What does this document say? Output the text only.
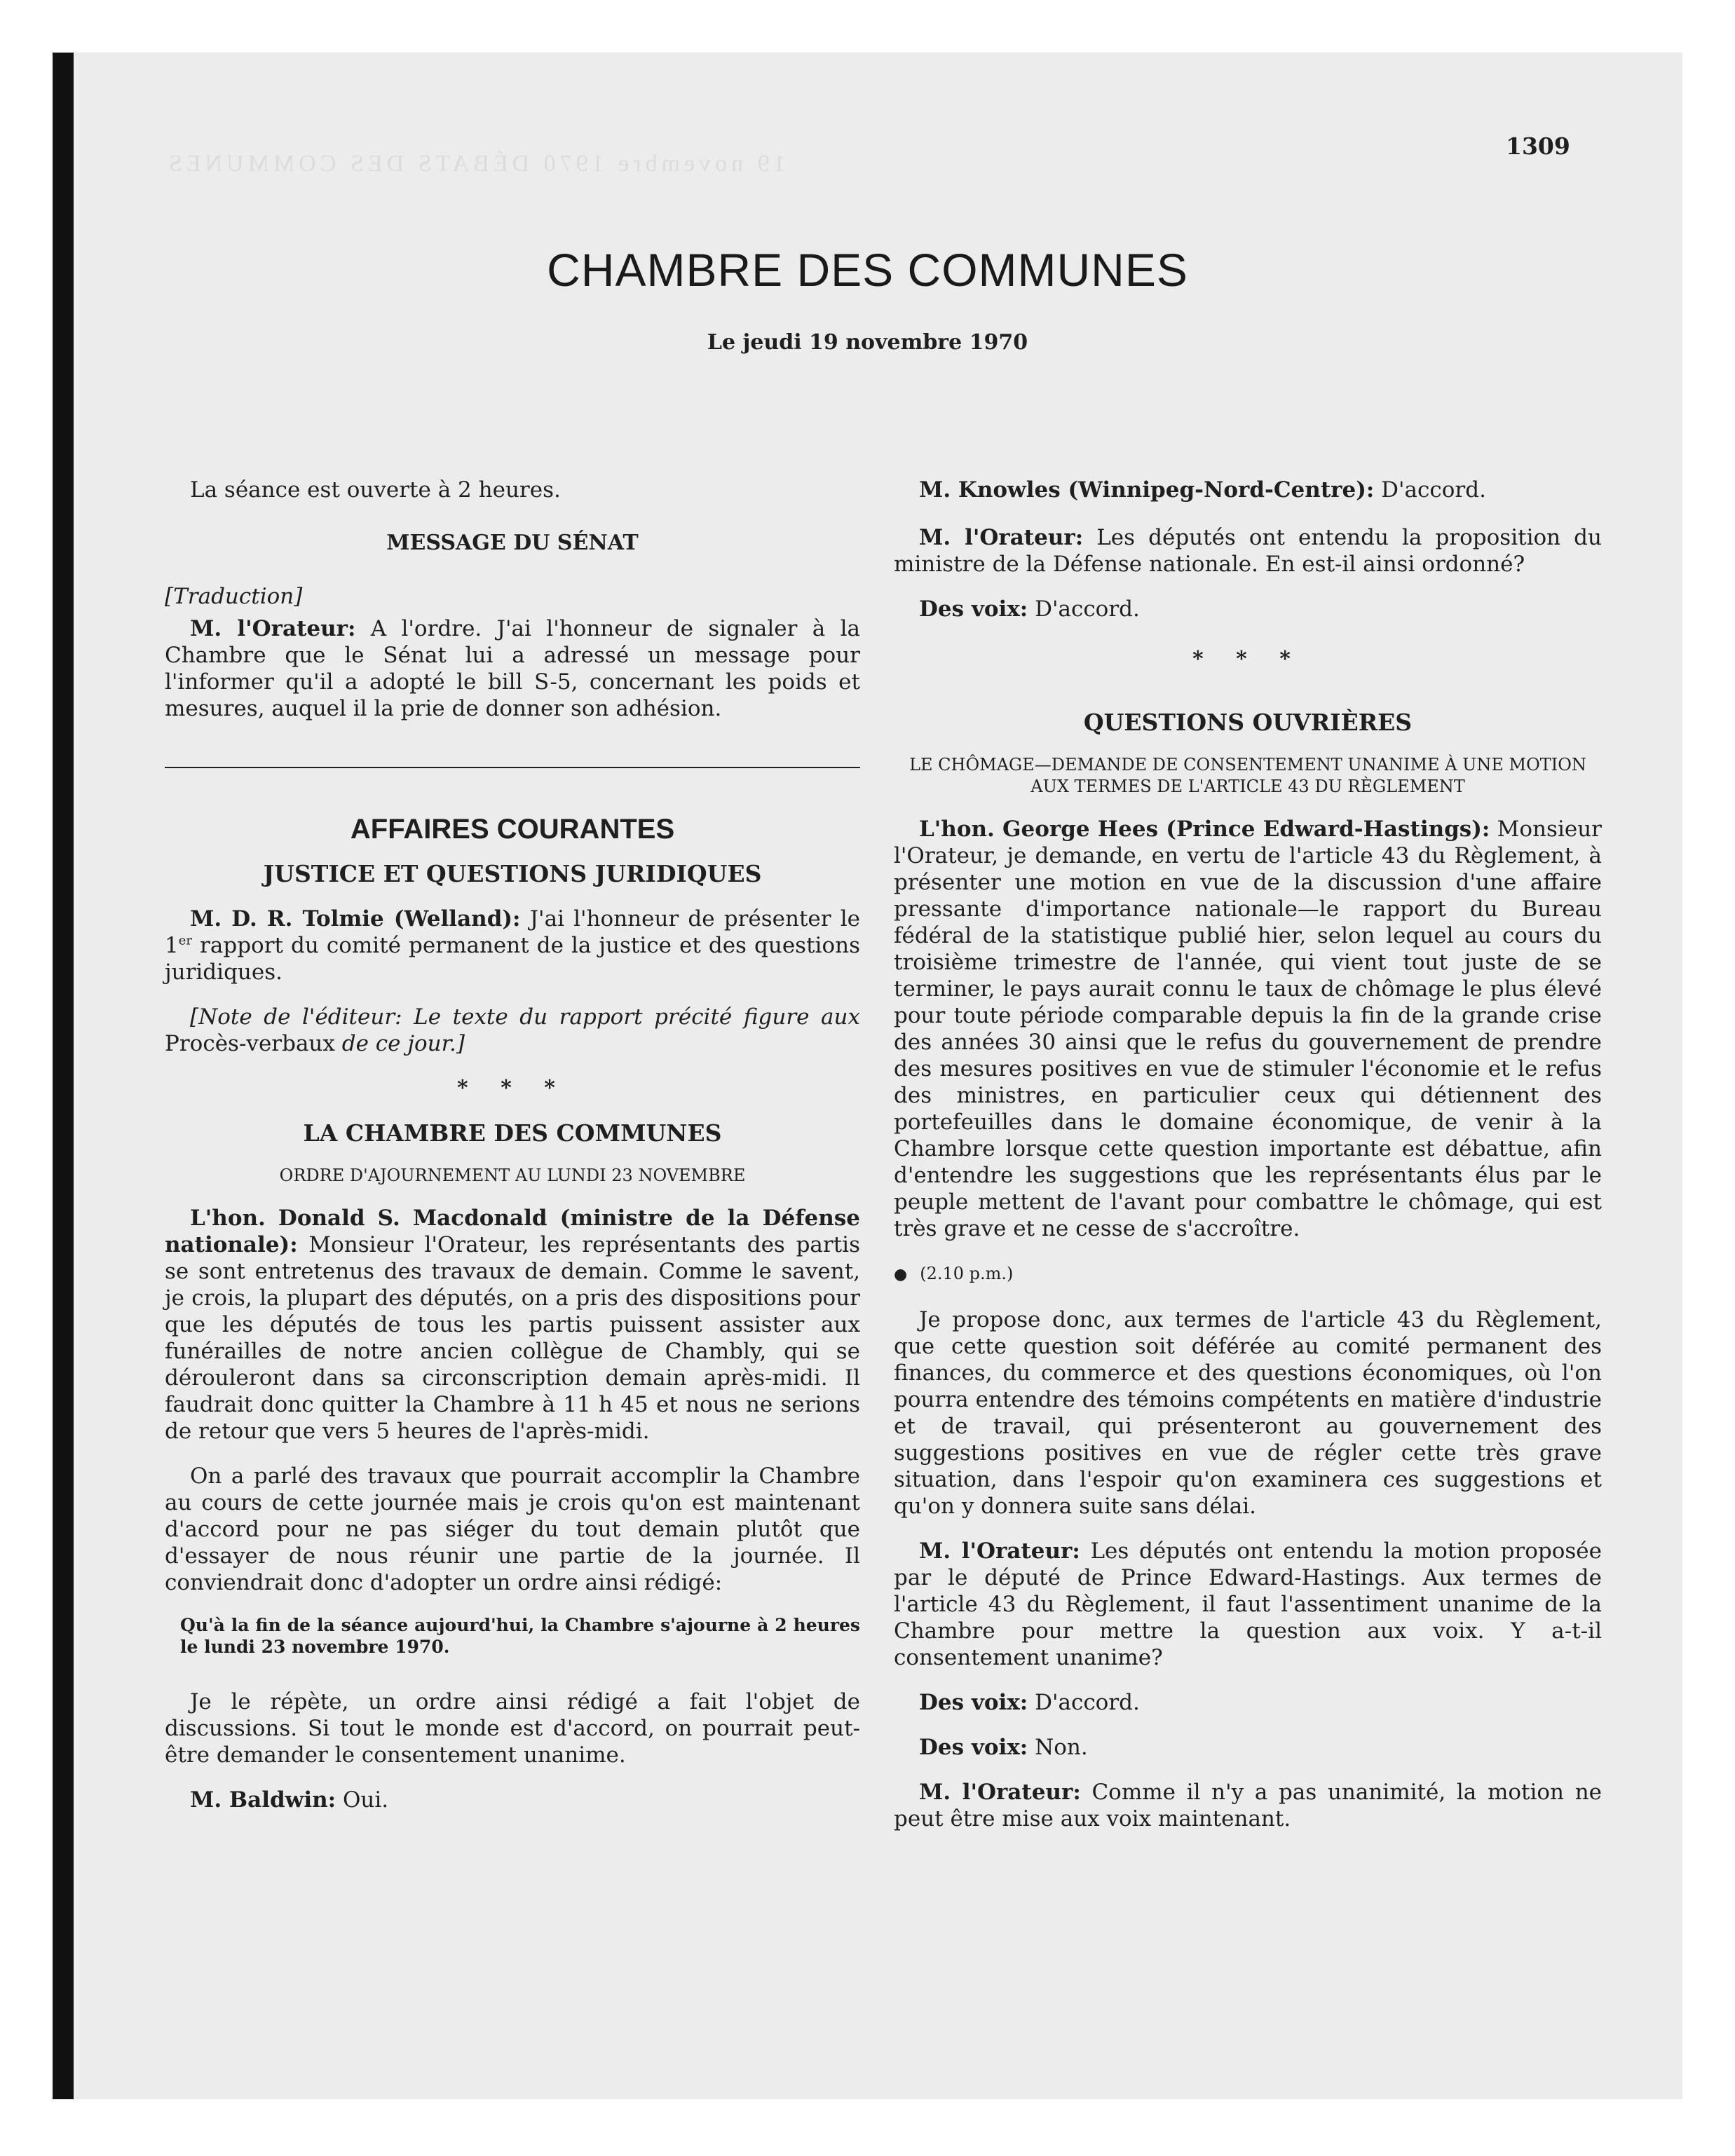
19 novembre 1970 DÉBATS DES COMMUNES
1309
CHAMBRE DES COMMUNES
Le jeudi 19 novembre 1970

La séance est ouverte à 2 heures.

MESSAGE DU SÉNAT

[Traduction]

M. l'Orateur: A l'ordre. J'ai l'honneur de signaler à la Chambre que le Sénat lui a adressé un message pour l'informer qu'il a adopté le bill S-5, concernant les poids et mesures, auquel il la prie de donner son adhésion.

AFFAIRES COURANTES

JUSTICE ET QUESTIONS JURIDIQUES

M. D. R. Tolmie (Welland): J'ai l'honneur de présenter le 1er rapport du comité permanent de la justice et des questions juridiques.

[Note de l'éditeur: Le texte du rapport précité figure aux Procès-verbaux de ce jour.]

* * *

LA CHAMBRE DES COMMUNES

ORDRE D'AJOURNEMENT AU LUNDI 23 NOVEMBRE

L'hon. Donald S. Macdonald (ministre de la Défense nationale): Monsieur l'Orateur, les représentants des partis se sont entretenus des travaux de demain. Comme le savent, je crois, la plupart des députés, on a pris des dispositions pour que les députés de tous les partis puissent assister aux funérailles de notre ancien collègue de Chambly, qui se dérouleront dans sa circonscription demain après-midi. Il faudrait donc quitter la Chambre à 11 h 45 et nous ne serions de retour que vers 5 heures de l'après-midi.

On a parlé des travaux que pourrait accomplir la Chambre au cours de cette journée mais je crois qu'on est maintenant d'accord pour ne pas siéger du tout demain plutôt que d'essayer de nous réunir une partie de la journée. Il conviendrait donc d'adopter un ordre ainsi rédigé:

Qu'à la fin de la séance aujourd'hui, la Chambre s'ajourne à 2 heures le lundi 23 novembre 1970.

Je le répète, un ordre ainsi rédigé a fait l'objet de discussions. Si tout le monde est d'accord, on pourrait peut-être demander le consentement unanime.

M. Baldwin: Oui.

M. Knowles (Winnipeg-Nord-Centre): D'accord.

M. l'Orateur: Les députés ont entendu la proposition du ministre de la Défense nationale. En est-il ainsi ordonné?

Des voix: D'accord.

* * *

QUESTIONS OUVRIÈRES

LE CHÔMAGE—DEMANDE DE CONSENTEMENT UNANIME À UNE MOTION AUX TERMES DE L'ARTICLE 43 DU RÈGLEMENT

L'hon. George Hees (Prince Edward-Hastings): Monsieur l'Orateur, je demande, en vertu de l'article 43 du Règlement, à présenter une motion en vue de la discussion d'une affaire pressante d'importance nationale—le rapport du Bureau fédéral de la statistique publié hier, selon lequel au cours du troisième trimestre de l'année, qui vient tout juste de se terminer, le pays aurait connu le taux de chômage le plus élevé pour toute période comparable depuis la fin de la grande crise des années 30 ainsi que le refus du gouvernement de prendre des mesures positives en vue de stimuler l'économie et le refus des ministres, en particulier ceux qui détiennent des portefeuilles dans le domaine économique, de venir à la Chambre lorsque cette question importante est débattue, afin d'entendre les suggestions que les représentants élus par le peuple mettent de l'avant pour combattre le chômage, qui est très grave et ne cesse de s'accroître.

● (2.10 p.m.)

Je propose donc, aux termes de l'article 43 du Règlement, que cette question soit déférée au comité permanent des finances, du commerce et des questions économiques, où l'on pourra entendre des témoins compétents en matière d'industrie et de travail, qui présenteront au gouvernement des suggestions positives en vue de régler cette très grave situation, dans l'espoir qu'on examinera ces suggestions et qu'on y donnera suite sans délai.

M. l'Orateur: Les députés ont entendu la motion proposée par le député de Prince Edward-Hastings. Aux termes de l'article 43 du Règlement, il faut l'assentiment unanime de la Chambre pour mettre la question aux voix. Y a-t-il consentement unanime?

Des voix: D'accord.

Des voix: Non.

M. l'Orateur: Comme il n'y a pas unanimité, la motion ne peut être mise aux voix maintenant.
